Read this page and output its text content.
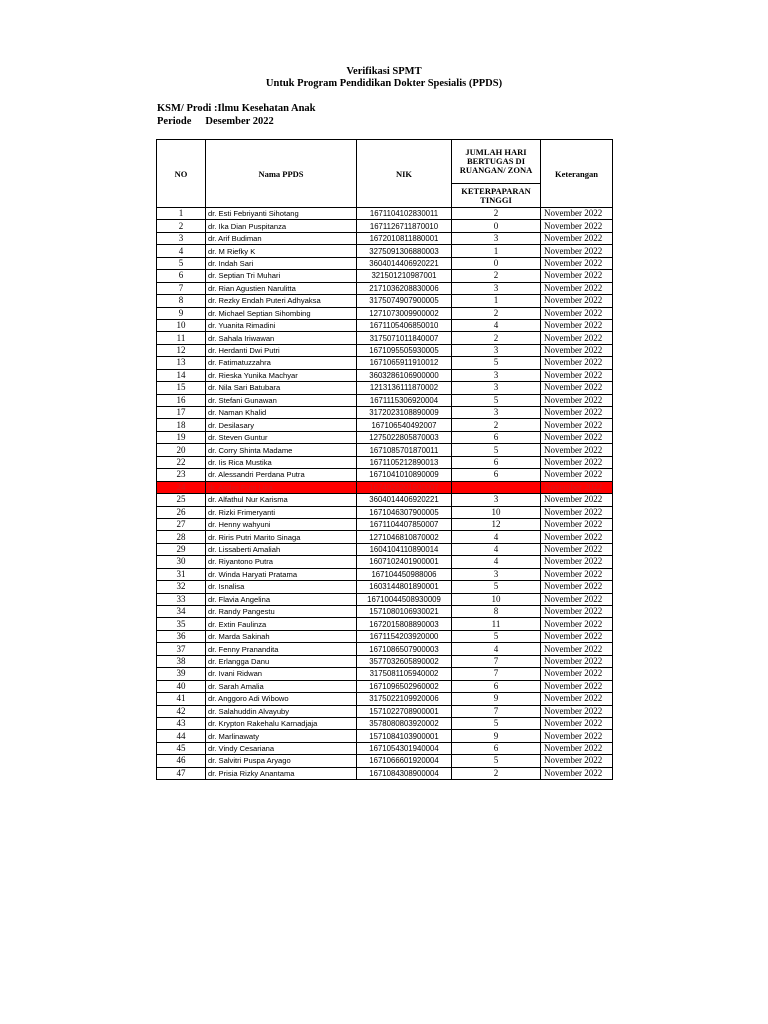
Verifikasi SPMT
Untuk Program Pendidikan Dokter Spesialis (PPDS)
KSM/ Prodi :Ilmu Kesehatan Anak
Periode Desember 2022
NO	Nama PPDS	NIK	JUMLAH HARI BERTUGAS DI RUANGAN/ ZONA	Keterangan
			KETERPAPARAN TINGGI	
1	dr. Esti Febriyanti Sihotang	1671104102830011	2	November 2022
2	dr. Ika Dian Puspitanza	1671126711870010	0	November 2022
3	dr. Arif Budiman	1672010811880001	3	November 2022
4	dr. M Riefky K	3275091306880003	1	November 2022
5	dr. Indah Sari	3604014406920221	0	November 2022
6	dr. Septian Tri Muhari	321501210987001	2	November 2022
7	dr. Rian Agustien Narulitta	2171036208830006	3	November 2022
8	dr. Rezky Endah Puteri Adhyaksa	3175074907900005	1	November 2022
9	dr. Michael Septian Sihombing	1271073009900002	2	November 2022
10	dr. Yuanita Rimadini	1671105406850010	4	November 2022
11	dr. Sahala Iriwawan	3175071011840007	2	November 2022
12	dr. Herdanti Dwi Putri	1671095505930005	3	November 2022
13	dr. Fatimatuzzahra	1671065911910012	5	November 2022
14	dr. Rieska Yunika Machyar	3603286106900000	3	November 2022
15	dr. Nila Sari Batubara	1213136111870002	3	November 2022
16	dr. Stefani Gunawan	1671115306920004	5	November 2022
17	dr. Naman Khalid	3172023108890009	3	November 2022
18	dr. Desilasary	167106540492007	2	November 2022
19	dr. Steven Guntur	1275022805870003	6	November 2022
20	dr. Corry Shinta Madame	1671085701870011	5	November 2022
22	dr. Iis Rica Mustika	1671105212890013	6	November 2022
23	dr. Alessandri Perdana Putra	1671041010890009	6	November 2022
24	dr. Andwi Putri Lika	1674026201900007	-	November 2022
25	dr. Alfathul Nur Karisma	3604014406920221	3	November 2022
26	dr. Rizki Frimeryanti	1671046307900005	10	November 2022
27	dr. Henny wahyuni	1671104407850007	12	November 2022
28	dr. Riris Putri Marito Sinaga	1271046810870002	4	November 2022
29	dr. Lissaberti Amaliah	1604104110890014	4	November 2022
30	dr. Riyantono Putra	1607102401900001	4	November 2022
31	dr. Winda Haryati Pratama	167104450988006	3	November 2022
32	dr. Isnalisa	1603144801890001	5	November 2022
33	dr. Flavia Angelina	16710044508930009	10	November 2022
34	dr. Randy Pangestu	1571080106930021	8	November 2022
35	dr. Extin Faulinza	1672015808890003	11	November 2022
36	dr. Marda Sakinah	1671154203920000	5	November 2022
37	dr. Fenny Pranandita	1671086507900003	4	November 2022
38	dr. Erlangga Danu	3577032605890002	7	November 2022
39	dr. Ivani Ridwan	3175081105940002	7	November 2022
40	dr. Sarah Amalia	1671096502960002	6	November 2022
41	dr. Anggoro Adi Wibowo	3175022109920006	9	November 2022
42	dr. Salahuddin Alvayuby	1571022708900001	7	November 2022
43	dr. Krypton Rakehalu Karnadjaja	3578080803920002	5	November 2022
44	dr. Marlinawaty	1571084103900001	9	November 2022
45	dr. Vindy Cesariana	1671054301940004	6	November 2022
46	dr. Salvitri Puspa Aryago	1671066601920004	5	November 2022
47	dr. Prisia Rizky Anantama	1671084308900004	2	November 2022
